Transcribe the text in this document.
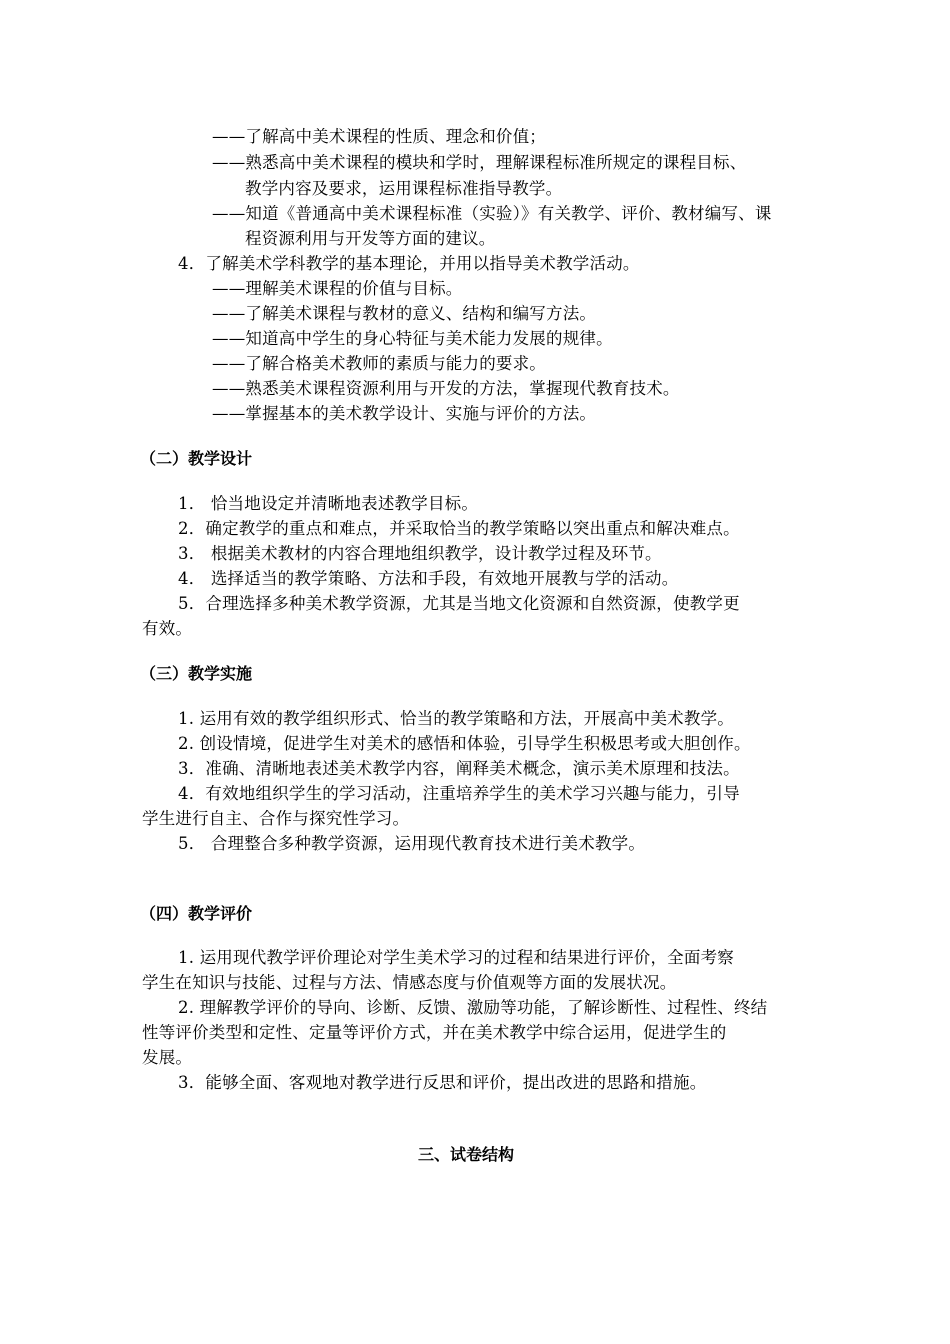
——了解高中美术课程的性质、理念和价值；
——熟悉高中美术课程的模块和学时，理解课程标准所规定的课程目标、
教学内容及要求，运用课程标准指导教学。
——知道《普通高中美术课程标准（实验）》有关教学、评价、教材编写、课
程资源利用与开发等方面的建议。
4．了解美术学科教学的基本理论，并用以指导美术教学活动。
——理解美术课程的价值与目标。
——了解美术课程与教材的意义、结构和编写方法。
——知道高中学生的身心特征与美术能力发展的规律。
——了解合格美术教师的素质与能力的要求。
——熟悉美术课程资源利用与开发的方法，掌握现代教育技术。
——掌握基本的美术教学设计、实施与评价的方法。
（二）教学设计
1． 恰当地设定并清晰地表述教学目标。
2．确定教学的重点和难点，并采取恰当的教学策略以突出重点和解决难点。
3． 根据美术教材的内容合理地组织教学，设计教学过程及环节。
4． 选择适当的教学策略、方法和手段，有效地开展教与学的活动。
5．合理选择多种美术教学资源，尤其是当地文化资源和自然资源，使教学更
有效。
（三）教学实施
1. 运用有效的教学组织形式、恰当的教学策略和方法，开展高中美术教学。
2. 创设情境，促进学生对美术的感悟和体验，引导学生积极思考或大胆创作。
3．准确、清晰地表述美术教学内容，阐释美术概念，演示美术原理和技法。
4．有效地组织学生的学习活动，注重培养学生的美术学习兴趣与能力，引导
学生进行自主、合作与探究性学习。
5． 合理整合多种教学资源，运用现代教育技术进行美术教学。
（四）教学评价
1. 运用现代教学评价理论对学生美术学习的过程和结果进行评价，全面考察
学生在知识与技能、过程与方法、情感态度与价值观等方面的发展状况。
2. 理解教学评价的导向、诊断、反馈、激励等功能，了解诊断性、过程性、终结
性等评价类型和定性、定量等评价方式，并在美术教学中综合运用，促进学生的
发展。
3．能够全面、客观地对教学进行反思和评价，提出改进的思路和措施。
三、试卷结构
